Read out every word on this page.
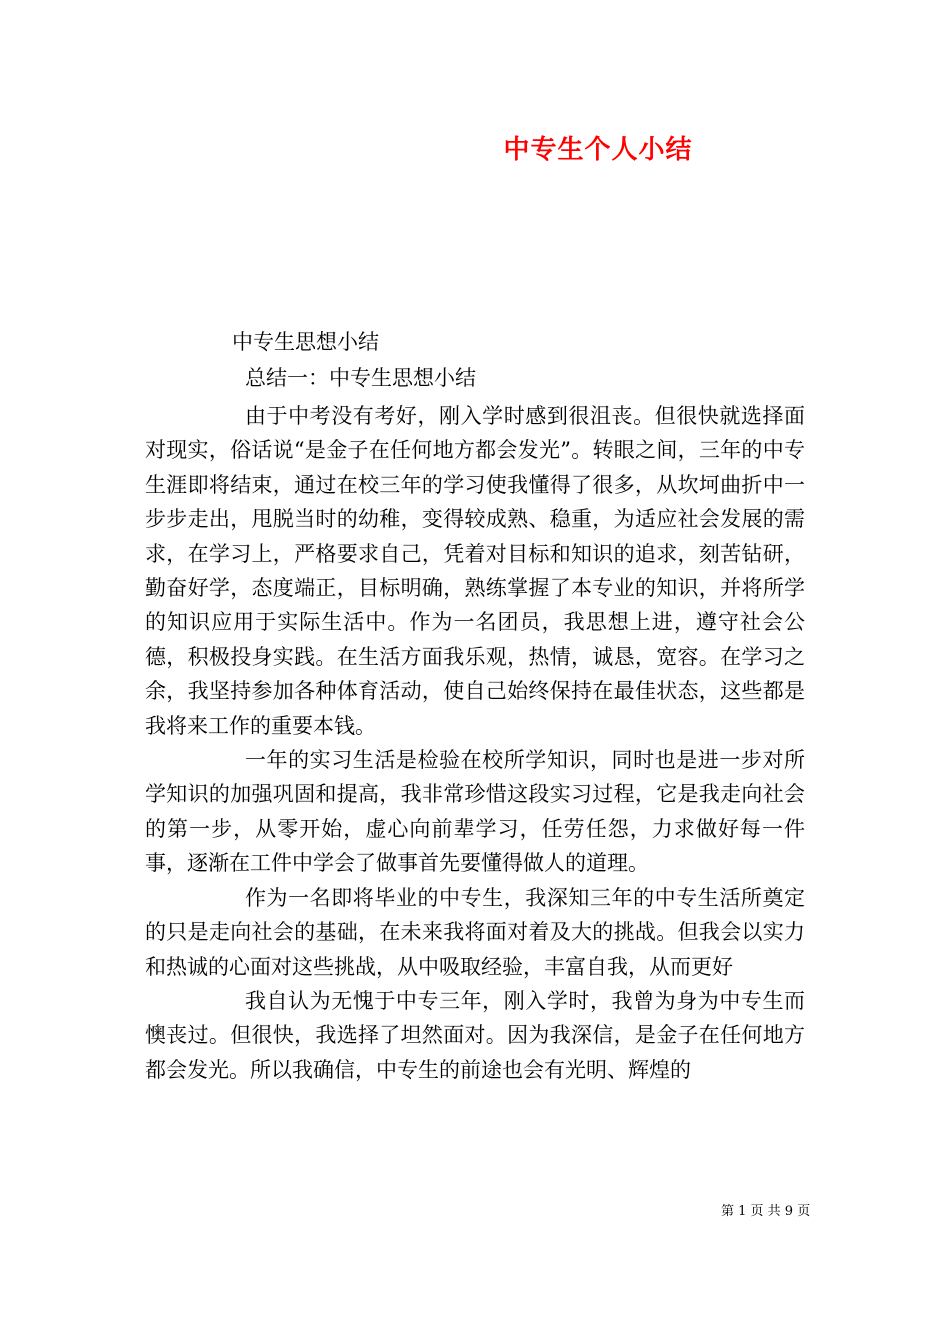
中专生个人小结
中专生思想小结
总结一：中专生思想小结

由于中考没有考好，刚入学时感到很沮丧。但很快就选择面对现实，俗话说“是金子在任何地方都会发光”。转眼之间，三年的中专生涯即将结束，通过在校三年的学习使我懂得了很多，从坎坷曲折中一步步走出，甩脱当时的幼稚，变得较成熟、稳重，为适应社会发展的需求，在学习上，严格要求自己，凭着对目标和知识的追求，刻苦钻研，勤奋好学，态度端正，目标明确，熟练掌握了本专业的知识，并将所学的知识应用于实际生活中。作为一名团员，我思想上进，遵守社会公德，积极投身实践。在生活方面我乐观，热情，诚恳，宽容。在学习之余，我坚持参加各种体育活动，使自己始终保持在最佳状态，这些都是我将来工作的重要本钱。

一年的实习生活是检验在校所学知识，同时也是进一步对所学知识的加强巩固和提高，我非常珍惜这段实习过程，它是我走向社会的第一步，从零开始，虚心向前辈学习，任劳任怨，力求做好每一件事，逐渐在工件中学会了做事首先要懂得做人的道理。

作为一名即将毕业的中专生，我深知三年的中专生活所奠定的只是走向社会的基础，在未来我将面对着及大的挑战。但我会以实力和热诚的心面对这些挑战，从中吸取经验，丰富自我，从而更好

我自认为无愧于中专三年，刚入学时，我曾为身为中专生而懊丧过。但很快，我选择了坦然面对。因为我深信，是金子在任何地方都会发光。所以我确信，中专生的前途也会有光明、辉煌的

第 1 页 共 9 页
